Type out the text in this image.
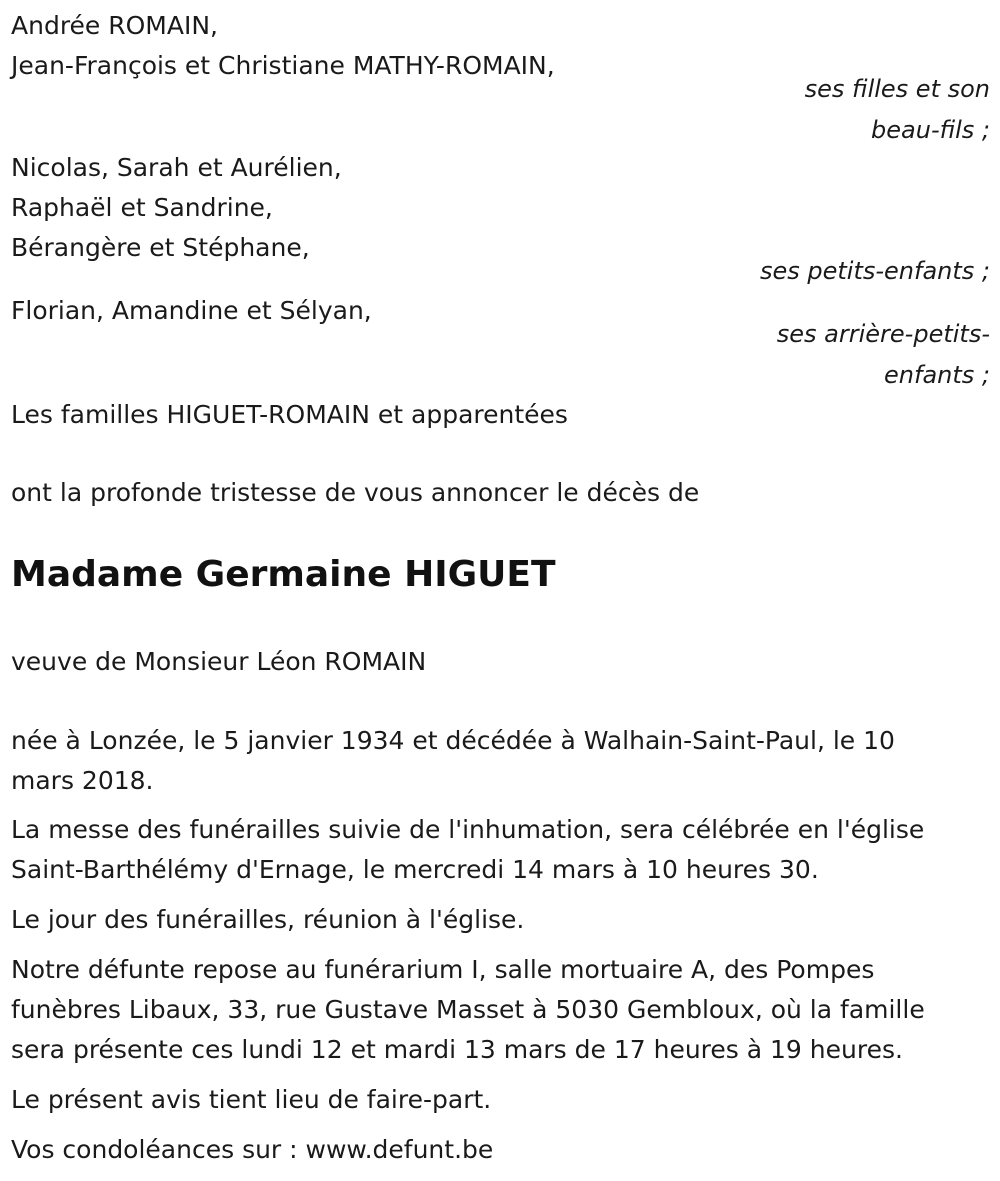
Andrée ROMAIN,

Jean-François et Christiane MATHY-ROMAIN,

ses filles et son

beau-fils ;

Nicolas, Sarah et Aurélien,

Raphaël et Sandrine,

Bérangère et Stéphane,

ses petits-enfants ;

Florian, Amandine et Sélyan,

ses arrière-petits-

enfants ;

Les familles HIGUET-ROMAIN et apparentées

ont la profonde tristesse de vous annoncer le décès de

Madame Germaine HIGUET

veuve de Monsieur Léon ROMAIN

née à Lonzée, le 5 janvier 1934 et décédée à Walhain-Saint-Paul, le 10

mars 2018.

La messe des funérailles suivie de l'inhumation, sera célébrée en l'église

Saint-Barthélémy d'Ernage, le mercredi 14 mars à 10 heures 30.

Le jour des funérailles, réunion à l'église.

Notre défunte repose au funérarium I, salle mortuaire A, des Pompes

funèbres Libaux, 33, rue Gustave Masset à 5030 Gembloux, où la famille

sera présente ces lundi 12 et mardi 13 mars de 17 heures à 19 heures.

Le présent avis tient lieu de faire-part.

Vos condoléances sur : www.defunt.be
